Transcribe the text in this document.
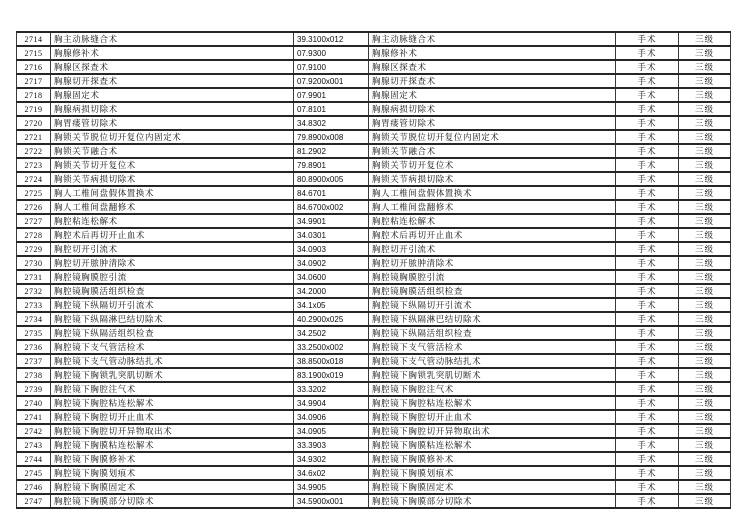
2714	胸主动脉缝合术	39.3100x012	胸主动脉缝合术	手术	三级
2715	胸腺修补术	07.9300	胸腺修补术	手术	三级
2716	胸腺区探查术	07.9100	胸腺区探查术	手术	三级
2717	胸腺切开探查术	07.9200x001	胸腺切开探查术	手术	三级
2718	胸腺固定术	07.9901	胸腺固定术	手术	三级
2719	胸腺病损切除术	07.8101	胸腺病损切除术	手术	三级
2720	胸胃瘘管切除术	34.8302	胸胃瘘管切除术	手术	三级
2721	胸锁关节脱位切开复位内固定术	79.8900x008	胸锁关节脱位切开复位内固定术	手术	三级
2722	胸锁关节融合术	81.2902	胸锁关节融合术	手术	三级
2723	胸锁关节切开复位术	79.8901	胸锁关节切开复位术	手术	三级
2724	胸锁关节病损切除术	80.8900x005	胸锁关节病损切除术	手术	三级
2725	胸人工椎间盘假体置换术	84.6701	胸人工椎间盘假体置换术	手术	三级
2726	胸人工椎间盘翻修术	84.6700x002	胸人工椎间盘翻修术	手术	三级
2727	胸腔粘连松解术	34.9901	胸腔粘连松解术	手术	三级
2728	胸腔术后再切开止血术	34.0301	胸腔术后再切开止血术	手术	三级
2729	胸腔切开引流术	34.0903	胸腔切开引流术	手术	三级
2730	胸腔切开脓肿清除术	34.0902	胸腔切开脓肿清除术	手术	三级
2731	胸腔镜胸膜腔引流	34.0600	胸腔镜胸膜腔引流	手术	三级
2732	胸腔镜胸膜活组织检查	34.2000	胸腔镜胸膜活组织检查	手术	三级
2733	胸腔镜下纵隔切开引流术	34.1x05	胸腔镜下纵隔切开引流术	手术	三级
2734	胸腔镜下纵隔淋巴结切除术	40.2900x025	胸腔镜下纵隔淋巴结切除术	手术	三级
2735	胸腔镜下纵隔活组织检查	34.2502	胸腔镜下纵隔活组织检查	手术	三级
2736	胸腔镜下支气管活检术	33.2500x002	胸腔镜下支气管活检术	手术	三级
2737	胸腔镜下支气管动脉结扎术	38.8500x018	胸腔镜下支气管动脉结扎术	手术	三级
2738	胸腔镜下胸锁乳突肌切断术	83.1900x019	胸腔镜下胸锁乳突肌切断术	手术	三级
2739	胸腔镜下胸腔注气术	33.3202	胸腔镜下胸腔注气术	手术	三级
2740	胸腔镜下胸腔粘连松解术	34.9904	胸腔镜下胸腔粘连松解术	手术	三级
2741	胸腔镜下胸腔切开止血术	34.0906	胸腔镜下胸腔切开止血术	手术	三级
2742	胸腔镜下胸腔切开异物取出术	34.0905	胸腔镜下胸腔切开异物取出术	手术	三级
2743	胸腔镜下胸膜粘连松解术	33.3903	胸腔镜下胸膜粘连松解术	手术	三级
2744	胸腔镜下胸膜修补术	34.9302	胸腔镜下胸膜修补术	手术	三级
2745	胸腔镜下胸膜划痕术	34.6x02	胸腔镜下胸膜划痕术	手术	三级
2746	胸腔镜下胸膜固定术	34.9905	胸腔镜下胸膜固定术	手术	三级
2747	胸腔镜下胸膜部分切除术	34.5900x001	胸腔镜下胸膜部分切除术	手术	三级
